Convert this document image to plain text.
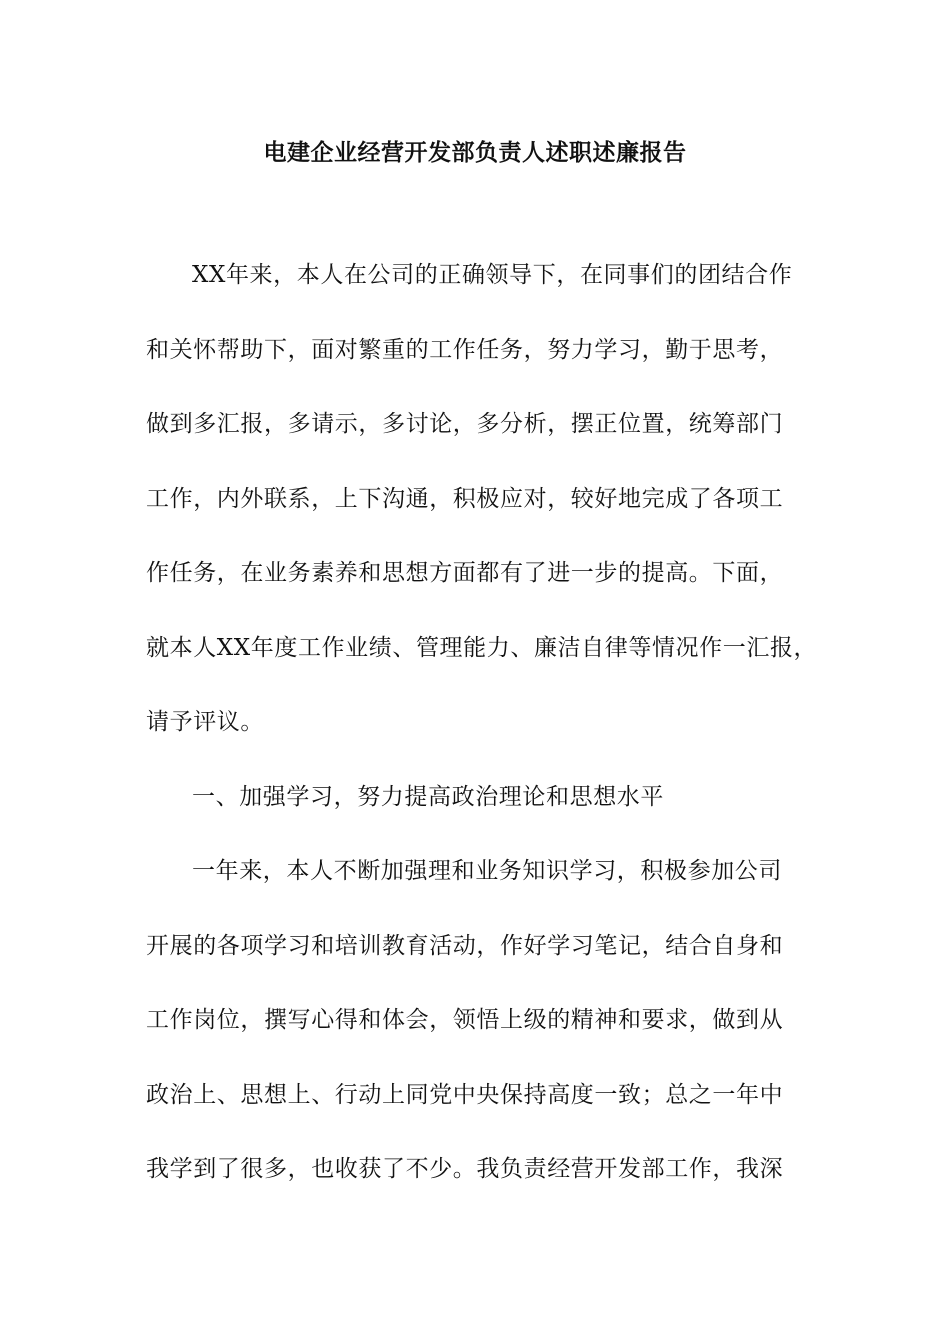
电建企业经营开发部负责人述职述廉报告
XX年来，本人在公司的正确领导下，在同事们的团结合作
和关怀帮助下，面对繁重的工作任务，努力学习，勤于思考，
做到多汇报，多请示，多讨论，多分析，摆正位置，统筹部门
工作，内外联系，上下沟通，积极应对，较好地完成了各项工
作任务，在业务素养和思想方面都有了进一步的提高。下面，
就本人XX年度工作业绩、管理能力、廉洁自律等情况作一汇报，
请予评议。
一、加强学习，努力提高政治理论和思想水平
一年来，本人不断加强理和业务知识学习，积极参加公司
开展的各项学习和培训教育活动，作好学习笔记，结合自身和
工作岗位，撰写心得和体会，领悟上级的精神和要求，做到从
政治上、思想上、行动上同党中央保持高度一致；总之一年中
我学到了很多，也收获了不少。我负责经营开发部工作，我深
